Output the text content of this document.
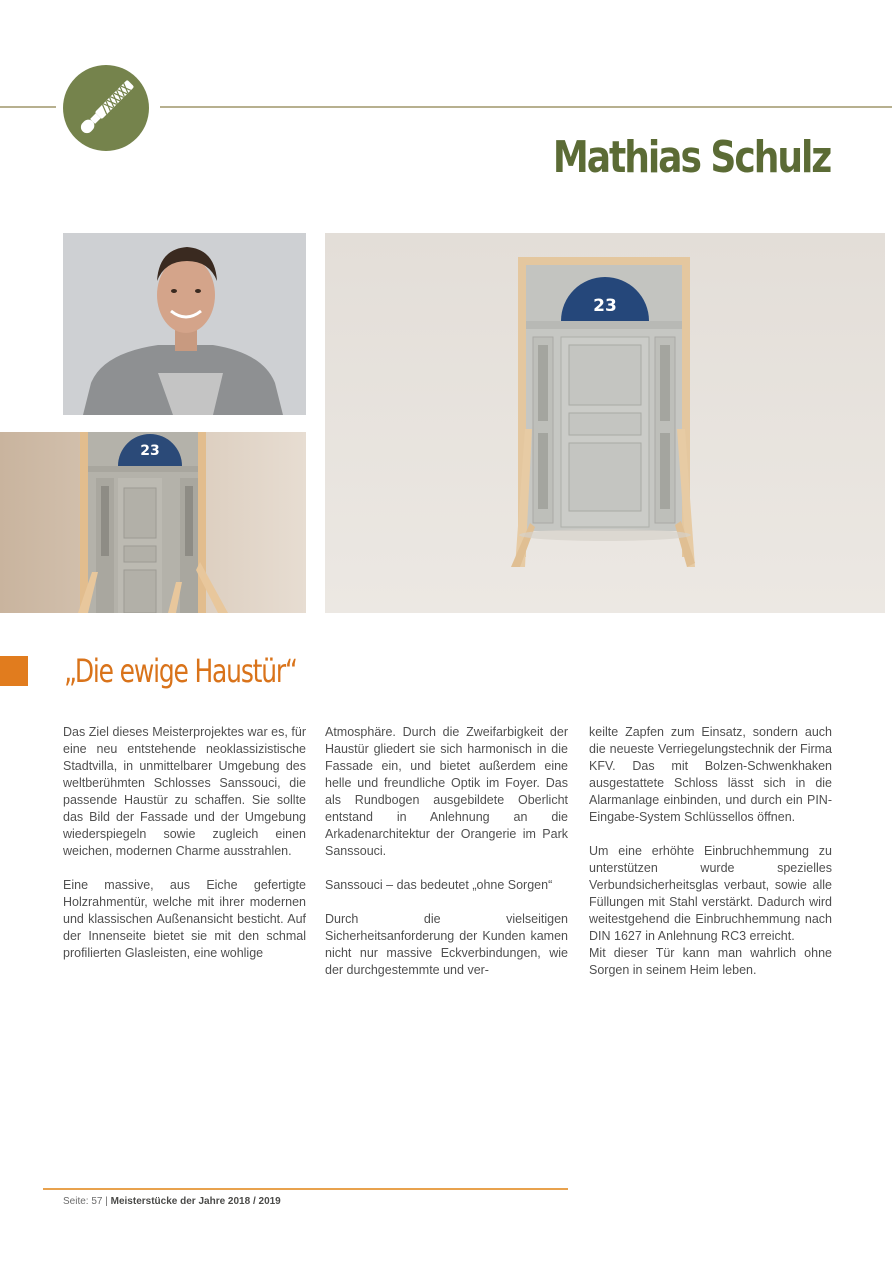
Mathias Schulz
23
23
„Die ewige Haustür“

Das Ziel dieses Meisterprojektes war es, für eine neu entstehende neoklassizistische Stadtvilla, in unmittelbarer Umgebung des weltberühmten Schlosses Sanssouci, die passende Haustür zu schaffen. Sie sollte das Bild der Fassade und der Umgebung wiederspiegeln sowie zugleich einen weichen, modernen Charme ausstrahlen.

Eine massive, aus Eiche gefertigte Holzrahmentür, welche mit ihrer modernen und klassischen Außenansicht besticht. Auf der Innenseite bietet sie mit den schmal profilierten Glasleisten, eine wohlige

Atmosphäre. Durch die Zweifarbigkeit der Haustür gliedert sie sich harmonisch in die Fassade ein, und bietet außerdem eine helle und freundliche Optik im Foyer. Das als Rundbogen ausgebildete Oberlicht entstand in Anlehnung an die Arkadenarchitektur der Orangerie im Park Sanssouci.

Sanssouci – das bedeutet „ohne Sorgen“

Durch die vielseitigen Sicherheitsanforderung der Kunden kamen nicht nur massive Eckverbindungen, wie der durchgestemmte und ver-

keilte Zapfen zum Einsatz, sondern auch die neueste Verriegelungstechnik der Firma KFV. Das mit Bolzen-Schwenkhaken ausgestattete Schloss lässt sich in die Alarmanlage einbinden, und durch ein PIN-Eingabe-System Schlüssellos öffnen.

Um eine erhöhte Einbruchhemmung zu unterstützen wurde spezielles Verbundsicherheitsglas verbaut, sowie alle Füllungen mit Stahl verstärkt. Dadurch wird weitestgehend die Einbruchhemmung nach DIN 1627 in Anlehnung RC3 erreicht.

Mit dieser Tür kann man wahrlich ohne Sorgen in seinem Heim leben.

Seite: 57 | Meisterstücke der Jahre 2018 / 2019
